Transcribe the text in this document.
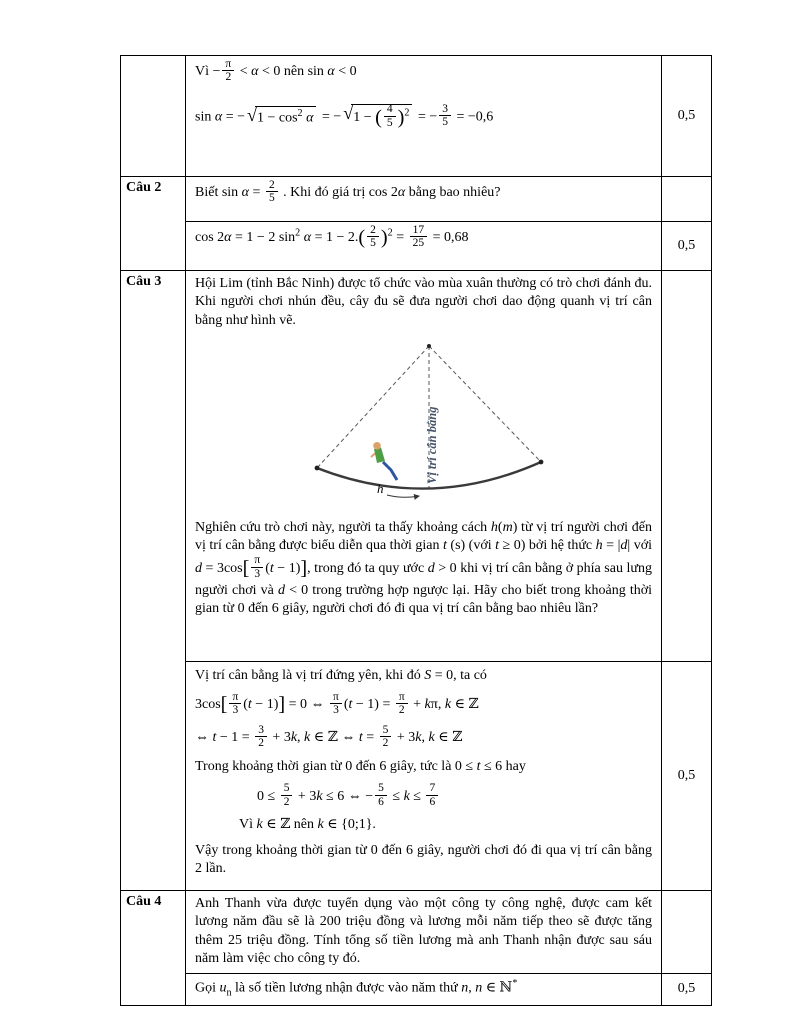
Vì − $\frac{\pi}{2} < \alpha < 0$ nên sin α < 0
sin α = − √ $1 - \cos^2 \alpha$ = − √ 1 − ( $\frac{4}{5} )^2$ = − $\frac{3}{5} = -0,6$	0,5
Câu 2	Biết $\sin \alpha = \frac{2}{5}$ . Khi đó giá trị cos 2α bằng bao nhiêu?	
cos 2α = 1 − 2 $\sin^2 \alpha = 1 - 2.( \frac{2}{5} )^2 = \frac{17}{25} = 0,68$	0,5
Câu 3	Hội Lim (tỉnh Bắc Ninh) được tổ chức vào mùa xuân thường có trò chơi đánh đu. Khi người chơi nhún đều, cây đu sẽ đưa người chơi dao động quanh vị trí cân bằng như hình vẽ.
h
Vị trí cân bằng
Nghiên cứu trò chơi này, người ta thấy khoảng cách h(m) từ vị trí người chơi đến vị trí cân bằng được biểu diễn qua thời gian t (s) (với t ≥ 0) bởi hệ thức h = |d| với $d = 3\cos[ \frac{\pi}{3} (t - 1)]$, trong đó ta quy ước d > 0 khi vị trí cân bằng ở phía sau lưng người chơi và d < 0 trong trường hợp ngược lại. Hãy cho biết trong khoảng thời gian từ 0 đến 6 giây, người chơi đó đi qua vị trí cân bằng bao nhiêu lần?

Vị trí cân bằng là vị trí đứng yên, khi đó S = 0, ta có
$3\cos[ \frac{\pi}{3} (t - 1)] = 0$ ⇔ $\frac{\pi}{3} (t - 1) = \frac{\pi}{2} + k\pi$, k ∈ ℤ
⇔ $t - 1 = \frac{3}{2} + 3k$, k ∈ ℤ ⇔ $t = \frac{5}{2} + 3k$, k ∈ ℤ
Trong khoảng thời gian từ 0 đến 6 giây, tức là 0 ≤ t ≤ 6 hay
$0 \le \frac{5}{2} + 3k \le 6$ ⇔ − $\frac{5}{6} \le k \le \frac{7}{6}$
Vì k ∈ ℤ nên k ∈ {0;1}.
Vậy trong khoảng thời gian từ 0 đến 6 giây, người chơi đó đi qua vị trí cân bằng 2 lần.
	0,5
Câu 4	Anh Thanh vừa được tuyển dụng vào một công ty công nghệ, được cam kết lương năm đầu sẽ là 200 triệu đồng và lương mỗi năm tiếp theo sẽ được tăng thêm 25 triệu đồng. Tính tổng số tiền lương mà anh Thanh nhận được sau sáu năm làm việc cho công ty đó.	

	Gọi $u_n$ là số tiền lương nhận được vào năm thứ n, n ∈ ℕ*	0,5
